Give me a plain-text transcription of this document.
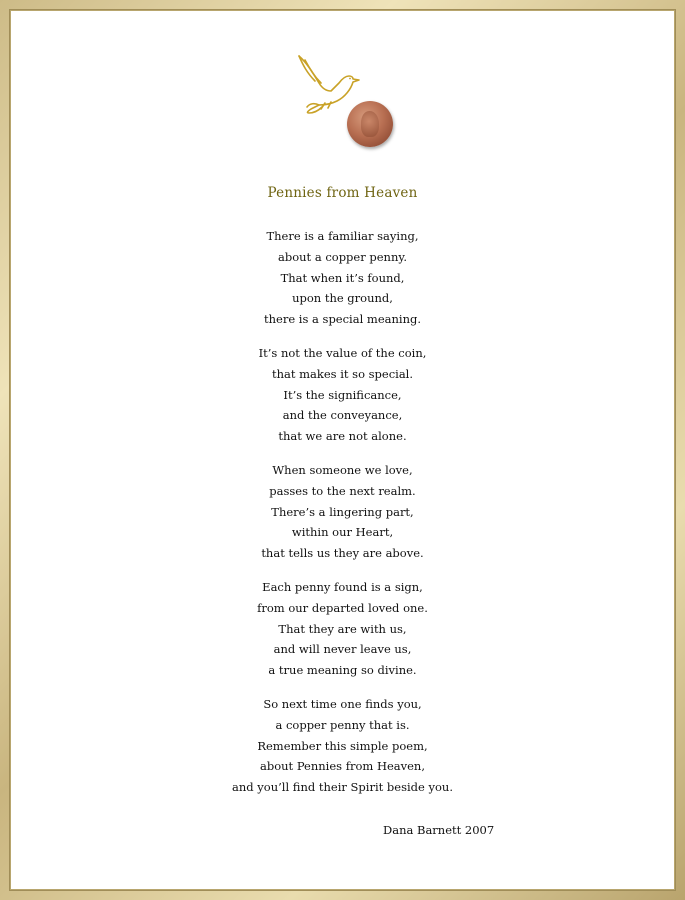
Pennies from Heaven
There is a familiar saying,
about a copper penny.
That when it’s found,
upon the ground,
there is a special meaning.
It’s not the value of the coin,
that makes it so special.
It’s the significance,
and the conveyance,
that we are not alone.
When someone we love,
passes to the next realm.
There’s a lingering part,
within our Heart,
that tells us they are above.
Each penny found is a sign,
from our departed loved one.
That they are with us,
and will never leave us,
a true meaning so divine.
So next time one finds you,
a copper penny that is.
Remember this simple poem,
about Pennies from Heaven,
and you’ll find their Spirit beside you.
Dana Barnett 2007
